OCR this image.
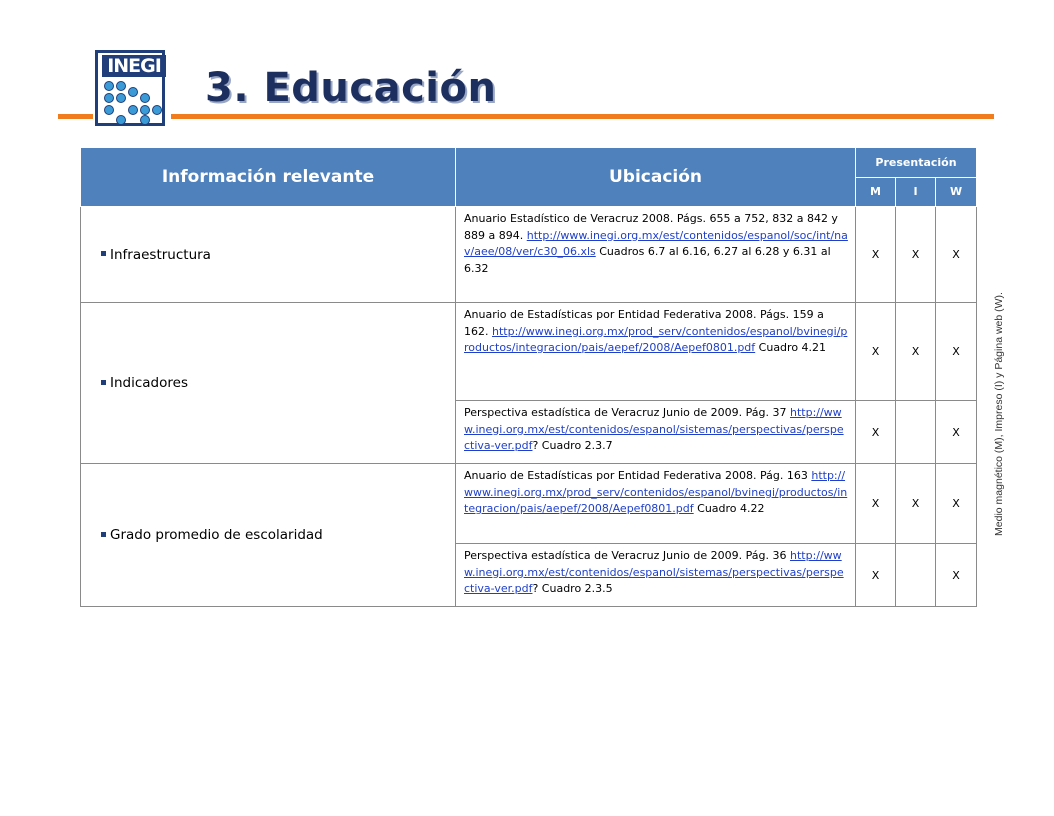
INEGI 3. Educación
Información relevante	Ubicación	Presentación		
		M	I	W
Infraestructura	Anuario Estadístico de Veracruz 2008. Págs. 655 a 752, 832 a 842 y 889 a 894. http://www.inegi.org.mx/est/contenidos/espanol/soc/int/nav/aee/08/ver/c30_06.xls Cuadros 6.7 al 6.16, 6.27 al 6.28 y 6.31 al 6.32	X	X	X
Indicadores	Anuario de Estadísticas por Entidad Federativa 2008. Págs. 159 a 162. http://www.inegi.org.mx/prod_serv/contenidos/espanol/bvinegi/productos/integracion/pais/aepef/2008/Aepef0801.pdf Cuadro 4.21	X	X	X
	Perspectiva estadística de Veracruz Junio de 2009. Pág. 37 http://www.inegi.org.mx/est/contenidos/espanol/sistemas/perspectivas/perspectiva-ver.pdf? Cuadro 2.3.7	X		X
Grado promedio de escolaridad	Anuario de Estadísticas por Entidad Federativa 2008. Pág. 163 http://www.inegi.org.mx/prod_serv/contenidos/espanol/bvinegi/productos/integracion/pais/aepef/2008/Aepef0801.pdf Cuadro 4.22	X	X	X
	Perspectiva estadística de Veracruz Junio de 2009. Pág. 36 http://www.inegi.org.mx/est/contenidos/espanol/sistemas/perspectivas/perspectiva-ver.pdf? Cuadro 2.3.5	X		X
Medio magnético (M), Impreso (I) y Página web (W).
